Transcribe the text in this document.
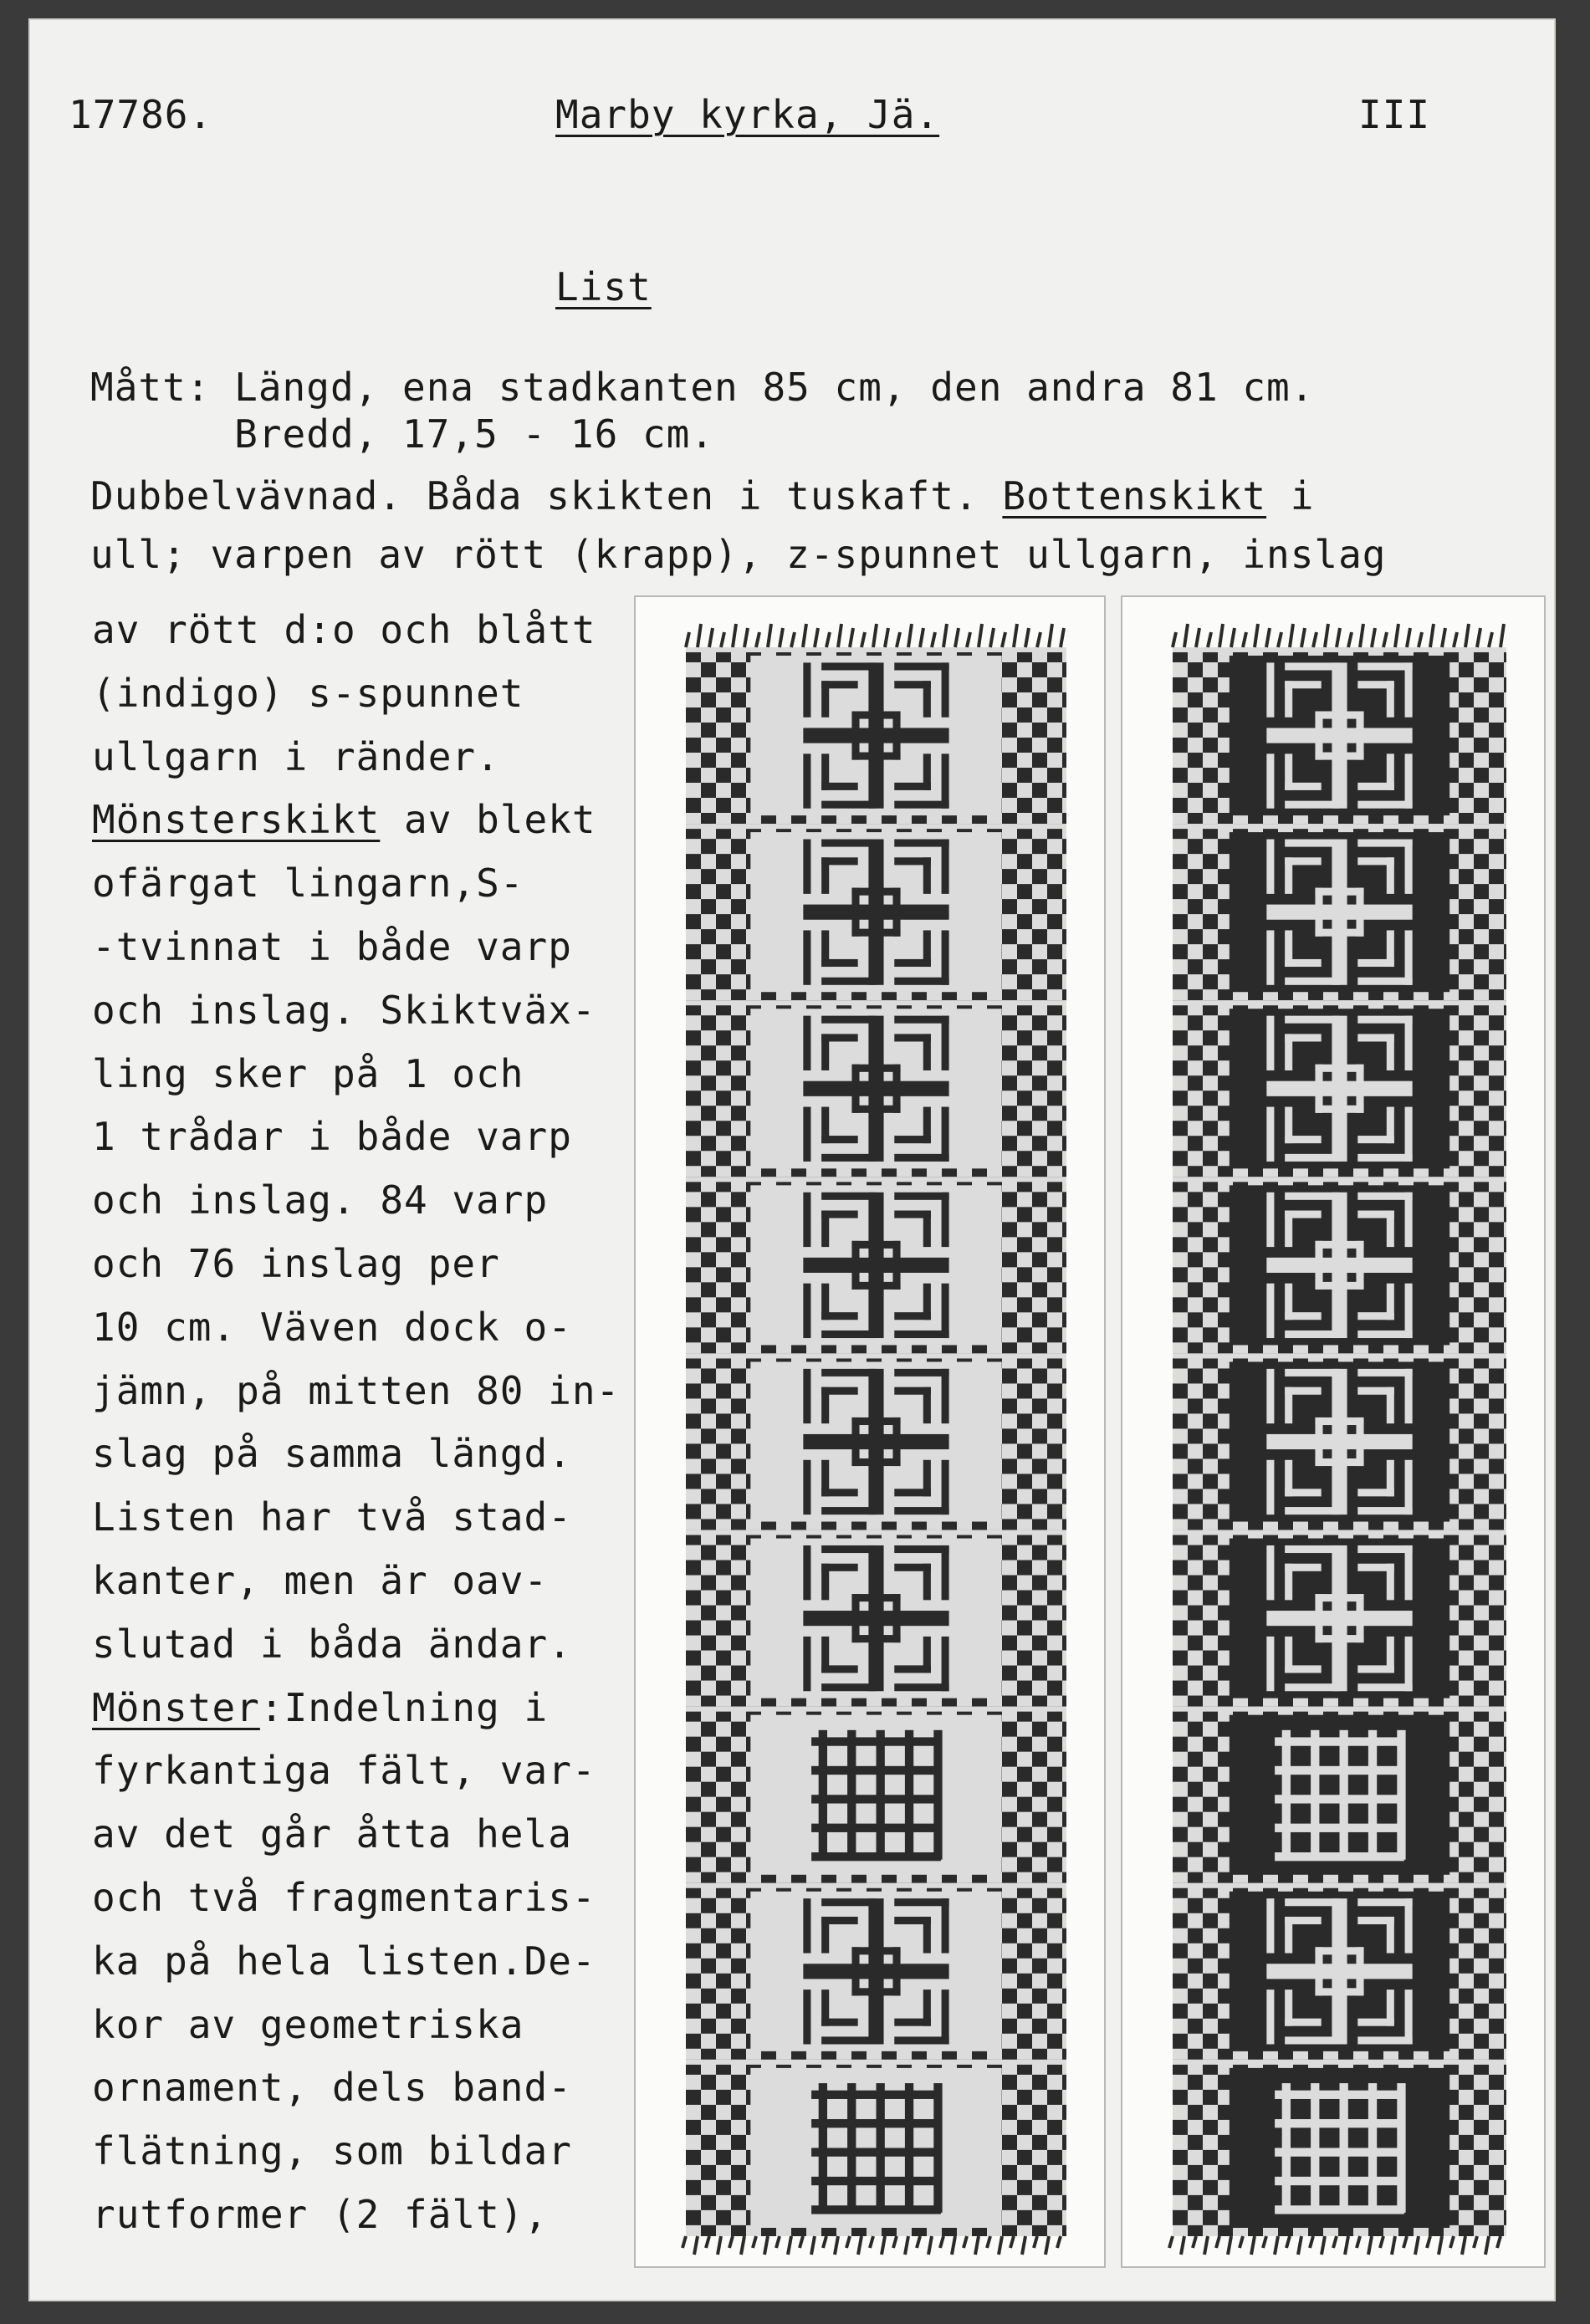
17786.	Marby kyrka, Jä.	III
List
Mått: Längd, ena stadkanten 85 cm, den andra 81 cm.
Bredd, 17,5 - 16 cm.
Dubbelvävnad. Båda skikten i tuskaft. Bottenskikt i
ull; varpen av rött (krapp), z-spunnet ullgarn, inslag
av rött d:o och blått
(indigo) s-spunnet
ullgarn i ränder.
Mönsterskikt av blekt
ofärgat lingarn,S-
-tvinnat i både varp
och inslag. Skiktväx-
ling sker på 1 och
1 trådar i både varp
och inslag. 84 varp
och 76 inslag per
10 cm. Väven dock o-
jämn, på mitten 80 in-
slag på samma längd.
Listen har två stad-
kanter, men är oav-
slutad i båda ändar.
Mönster:Indelning i
fyrkantiga fält, var-
av det går åtta hela
och två fragmentaris-
ka på hela listen.De-
kor av geometriska
ornament, dels band-
flätning, som bildar
rutformer (2 fält),
